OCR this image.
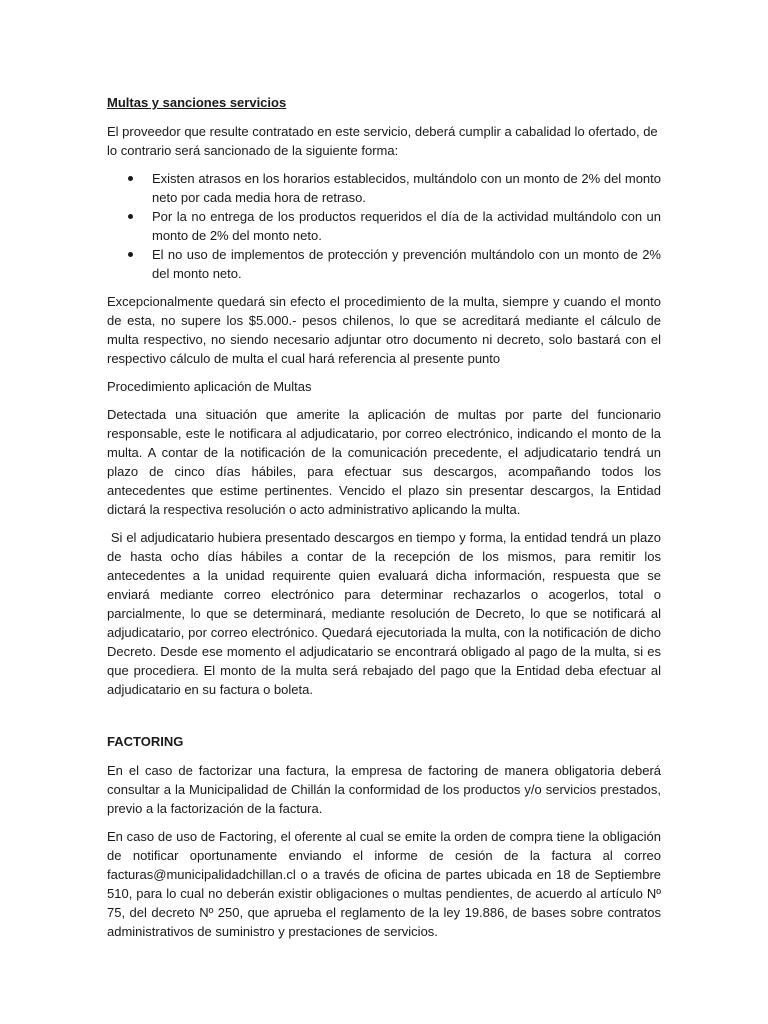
Multas y sanciones servicios

El proveedor que resulte contratado en este servicio, deberá cumplir a cabalidad lo ofertado, de lo contrario será sancionado de la siguiente forma:

Existen atrasos en los horarios establecidos, multándolo con un monto de 2% del monto neto por cada media hora de retraso.
Por la no entrega de los productos requeridos el día de la actividad multándolo con un monto de 2% del monto neto.
El no uso de implementos de protección y prevención multándolo con un monto de 2% del monto neto.

Excepcionalmente quedará sin efecto el procedimiento de la multa, siempre y cuando el monto de esta, no supere los $5.000.- pesos chilenos, lo que se acreditará mediante el cálculo de multa respectivo, no siendo necesario adjuntar otro documento ni decreto, solo bastará con el respectivo cálculo de multa el cual hará referencia al presente punto

Procedimiento aplicación de Multas

Detectada una situación que amerite la aplicación de multas por parte del funcionario responsable, este le notificara al adjudicatario, por correo electrónico, indicando el monto de la multa. A contar de la notificación de la comunicación precedente, el adjudicatario tendrá un plazo de cinco días hábiles, para efectuar sus descargos, acompañando todos los antecedentes que estime pertinentes. Vencido el plazo sin presentar descargos, la Entidad dictará la respectiva resolución o acto administrativo aplicando la multa.

Si el adjudicatario hubiera presentado descargos en tiempo y forma, la entidad tendrá un plazo de hasta ocho días hábiles a contar de la recepción de los mismos, para remitir los antecedentes a la unidad requirente quien evaluará dicha información, respuesta que se enviará mediante correo electrónico para determinar rechazarlos o acogerlos, total o parcialmente, lo que se determinará, mediante resolución de Decreto, lo que se notificará al adjudicatario, por correo electrónico. Quedará ejecutoriada la multa, con la notificación de dicho Decreto. Desde ese momento el adjudicatario se encontrará obligado al pago de la multa, si es que procediera. El monto de la multa será rebajado del pago que la Entidad deba efectuar al adjudicatario en su factura o boleta.

FACTORING

En el caso de factorizar una factura, la empresa de factoring de manera obligatoria deberá consultar a la Municipalidad de Chillán la conformidad de los productos y/o servicios prestados, previo a la factorización de la factura.

En caso de uso de Factoring, el oferente al cual se emite la orden de compra tiene la obligación de notificar oportunamente enviando el informe de cesión de la factura al correo facturas@municipalidadchillan.cl o a través de oficina de partes ubicada en 18 de Septiembre 510, para lo cual no deberán existir obligaciones o multas pendientes, de acuerdo al artículo Nº 75, del decreto Nº 250, que aprueba el reglamento de la ley 19.886, de bases sobre contratos administrativos de suministro y prestaciones de servicios.
